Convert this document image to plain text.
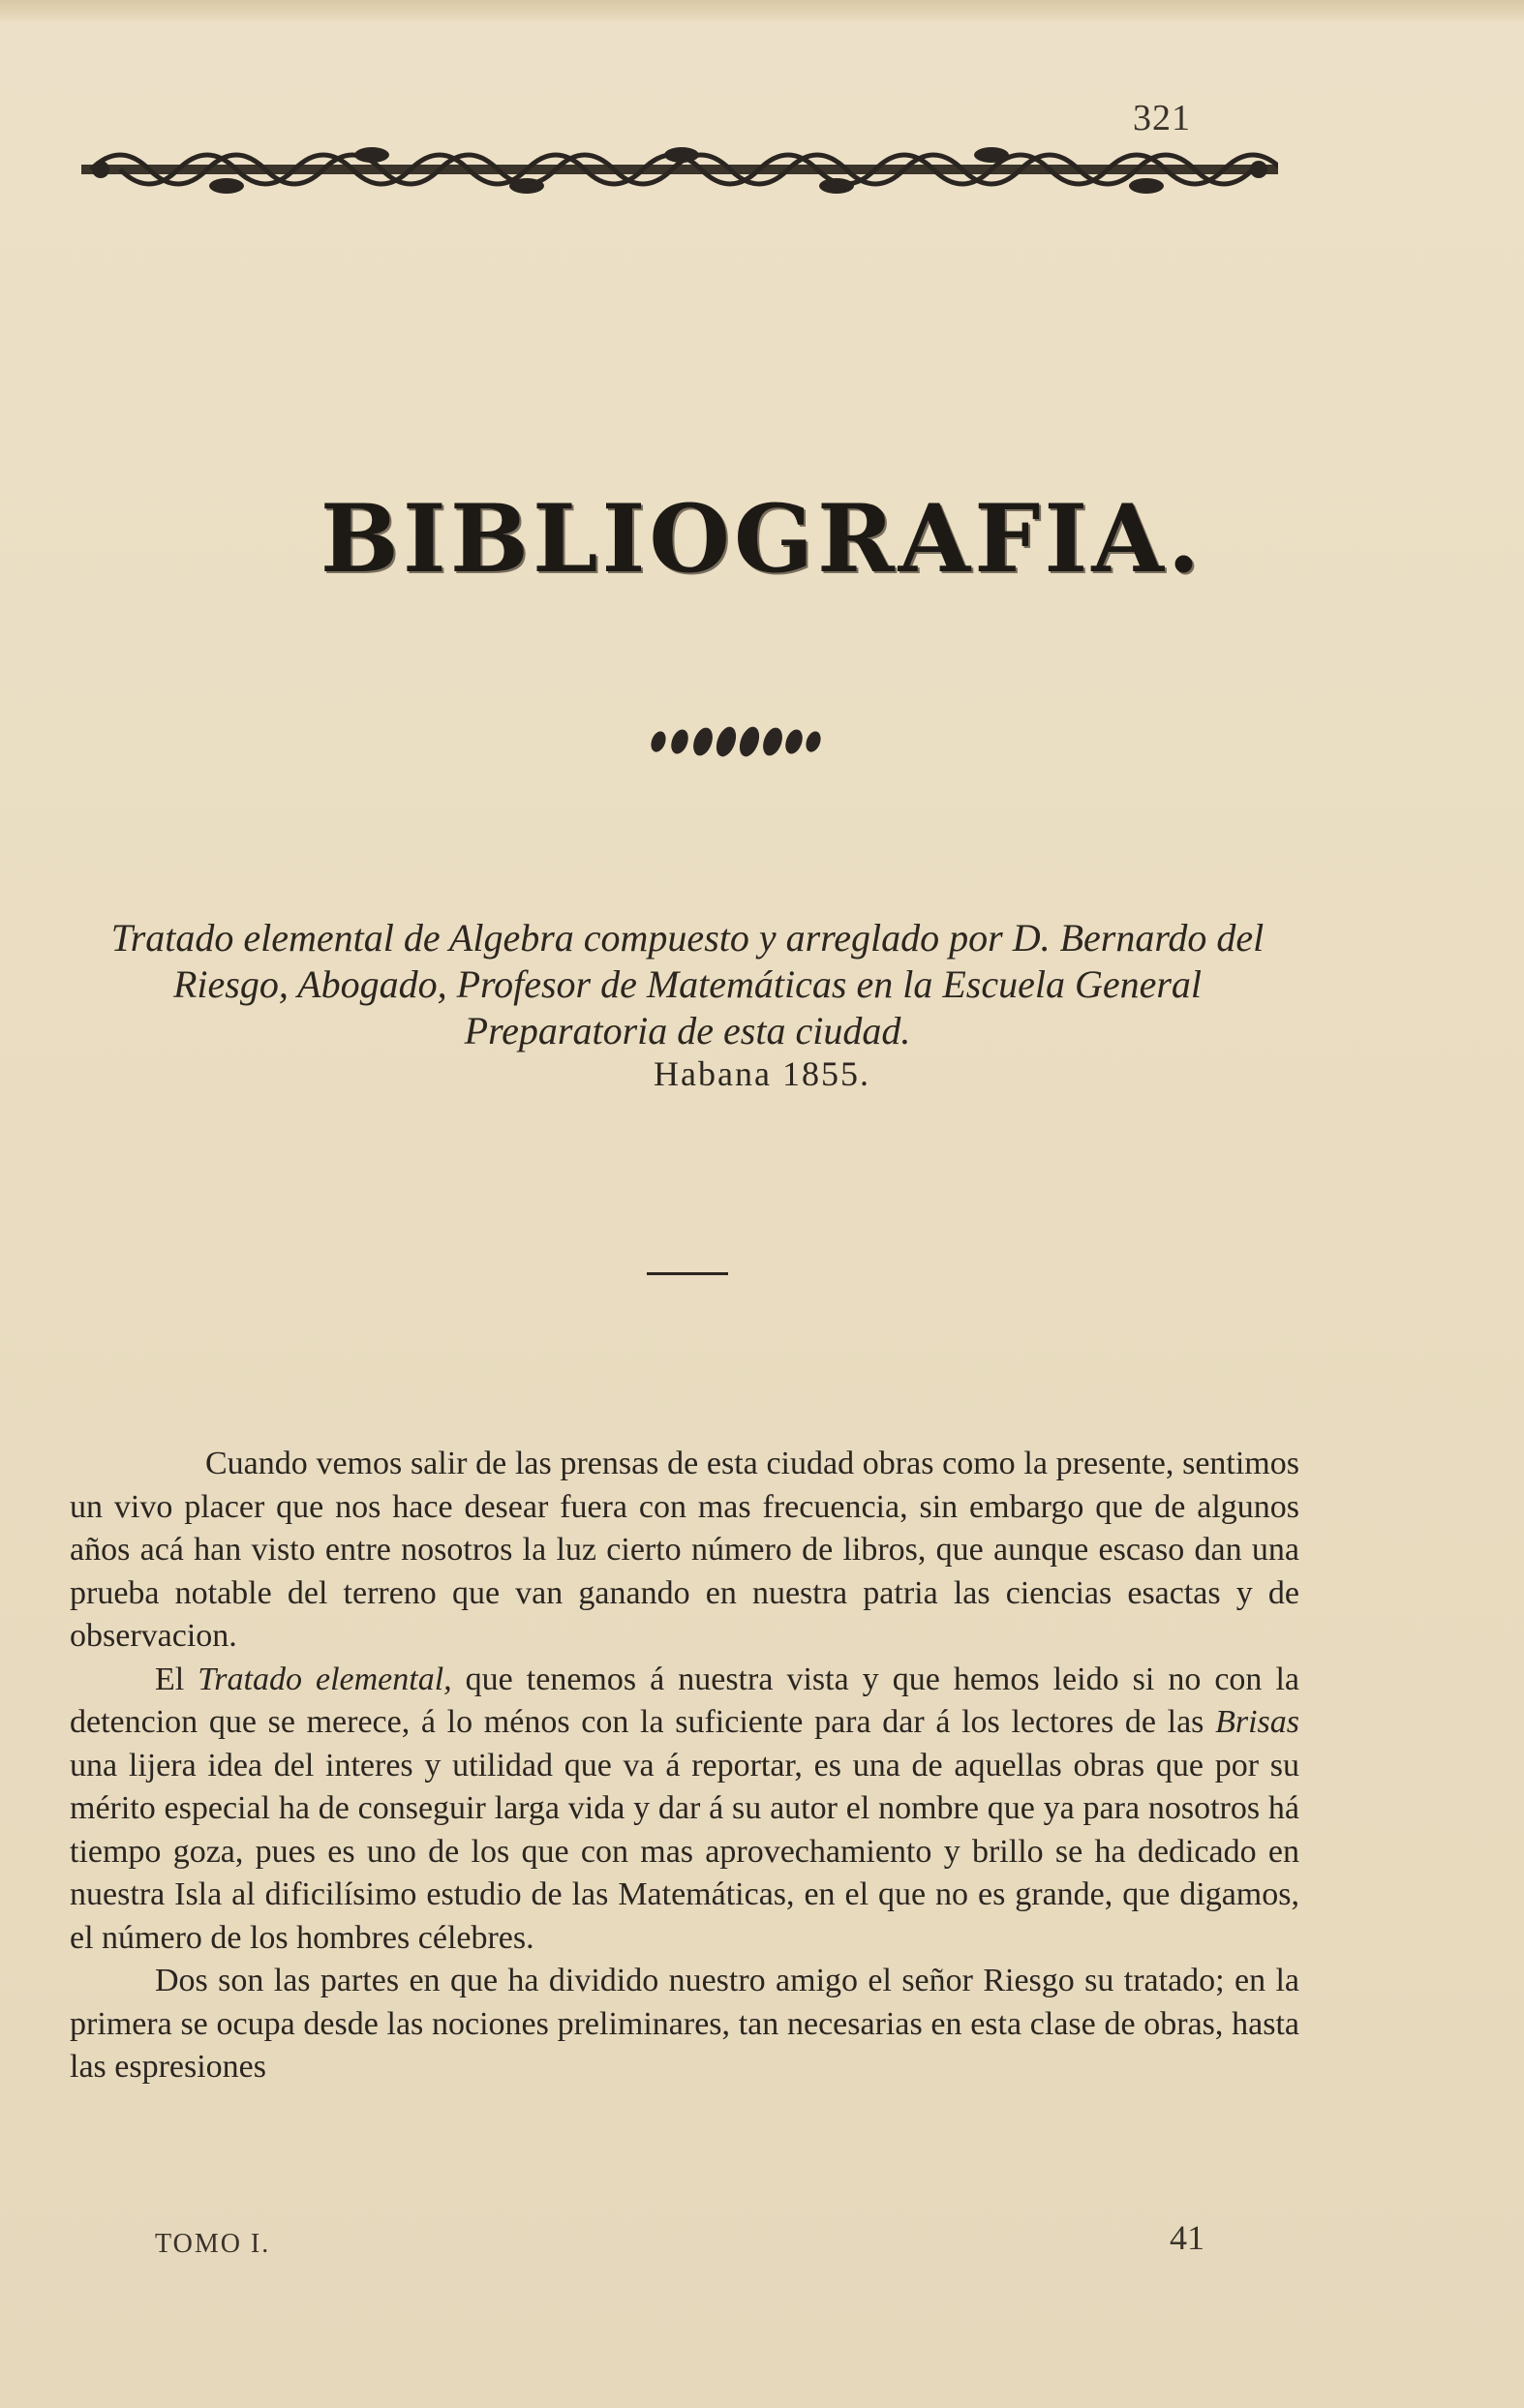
321
BIBLIOGRAFIA.
Tratado elemental de Algebra compuesto y arreglado por D. Bernardo del Riesgo, Abogado, Profesor de Matemáticas en la Escuela General Preparatoria de esta ciudad.
Habana 1855.

Cuando vemos salir de las prensas de esta ciudad obras como la presente, sentimos un vivo placer que nos hace desear fuera con mas frecuencia, sin embargo que de algunos años acá han visto entre nosotros la luz cierto número de libros, que aunque escaso dan una prueba notable del terreno que van ganando en nuestra patria las ciencias esactas y de observacion.

El Tratado elemental, que tenemos á nuestra vista y que hemos leido si no con la detencion que se merece, á lo ménos con la suficiente para dar á los lectores de las Brisas una lijera idea del interes y utilidad que va á reportar, es una de aquellas obras que por su mérito especial ha de conseguir larga vida y dar á su autor el nombre que ya para nosotros há tiempo goza, pues es uno de los que con mas aprovechamiento y brillo se ha dedicado en nuestra Isla al dificilísimo estudio de las Matemáticas, en el que no es grande, que digamos, el número de los hombres célebres.

Dos son las partes en que ha dividido nuestro amigo el señor Riesgo su tratado; en la primera se ocupa desde las nociones preliminares, tan necesarias en esta clase de obras, hasta las espresiones

TOMO I.	41
